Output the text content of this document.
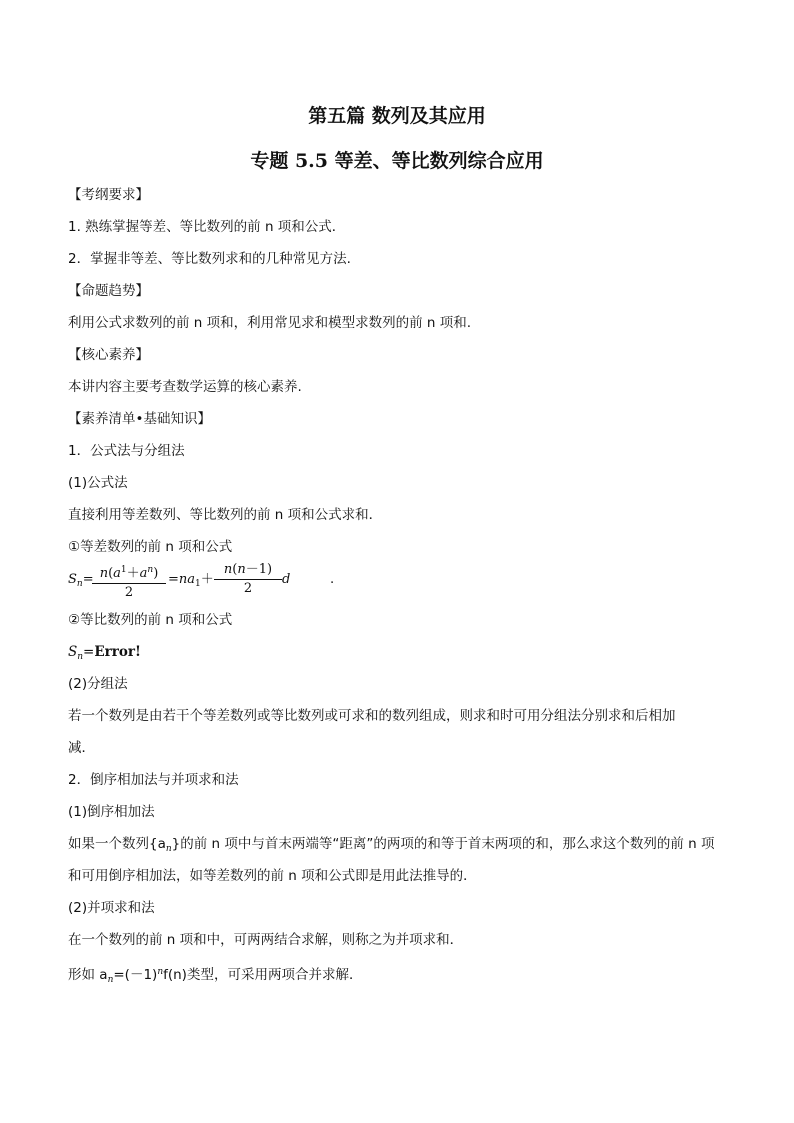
第五篇 数列及其应用
专题 5.5 等差、等比数列综合应用
【考纲要求】
1. 熟练掌握等差、等比数列的前 n 项和公式．
2．掌握非等差、等比数列求和的几种常见方法.
【命题趋势】
利用公式求数列的前 n 项和，利用常见求和模型求数列的前 n 项和.
【核心素养】
本讲内容主要考查数学运算的核心素养.
【素养清单•基础知识】
1．公式法与分组法
(1)公式法
直接利用等差数列、等比数列的前 n 项和公式求和．
①等差数列的前 n 项和公式
$S_n=$
$\frac{n(a^1+a^n)}{2} =na_1+ \frac{n(n-1)}{2}$ d	.
②等比数列的前 n 项和公式
$S_n=Error$!
(2)分组法
若一个数列是由若干个等差数列或等比数列或可求和的数列组成，则求和时可用分组法分别求和后相加
减．
2．倒序相加法与并项求和法
(1)倒序相加法
如果一个数列$\{a_n\}$的前 n 项中与首末两端等“距离”的两项的和等于首末两项的和，那么求这个数列的前 n 项
和可用倒序相加法，如等差数列的前 n 项和公式即是用此法推导的．
(2)并项求和法
在一个数列的前 n 项和中，可两两结合求解，则称之为并项求和．
形如 $a_n=(-1)^nf(n)$类型，可采用两项合并求解．
